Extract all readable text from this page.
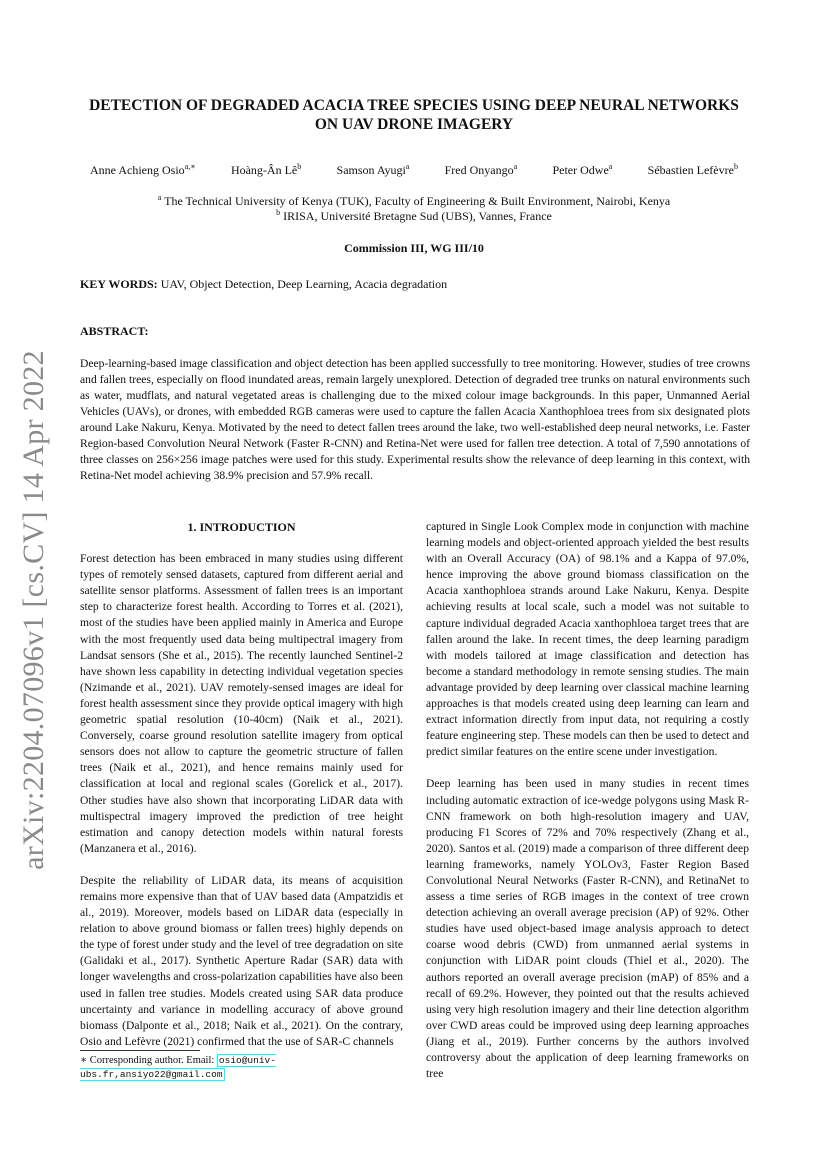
arXiv:2204.07096v1 [cs.CV] 14 Apr 2022
DETECTION OF DEGRADED ACACIA TREE SPECIES USING DEEP NEURAL NETWORKS ON UAV DRONE IMAGERY
Anne Achieng Osio$^{a,∗}$	Hoàng-Ân $Lê^b$	Samson Ayugi$^a$	Fred Onyango$^a$	Peter Odwe$^a$	Sébastien Lefèvre$^b$
$^a$ The Technical University of Kenya (TUK), Faculty of Engineering & Built Environment, Nairobi, Kenya
$^b$ IRISA, Université Bretagne Sud (UBS), Vannes, France
Commission III, WG III/10
KEY WORDS: UAV, Object Detection, Deep Learning, Acacia degradation
ABSTRACT:

Deep-learning-based image classification and object detection has been applied successfully to tree monitoring. However, studies of tree crowns and fallen trees, especially on flood inundated areas, remain largely unexplored. Detection of degraded tree trunks on natural environments such as water, mudflats, and natural vegetated areas is challenging due to the mixed colour image backgrounds. In this paper, Unmanned Aerial Vehicles (UAVs), or drones, with embedded RGB cameras were used to capture the fallen Acacia Xanthophloea trees from six designated plots around Lake Nakuru, Kenya. Motivated by the need to detect fallen trees around the lake, two well-established deep neural networks, i.e. Faster Region-based Convolution Neural Network (Faster R-CNN) and Retina-Net were used for fallen tree detection. A total of 7,590 annotations of three classes on 256×256 image patches were used for this study. Experimental results show the relevance of deep learning in this context, with Retina-Net model achieving 38.9% precision and 57.9% recall.

1. INTRODUCTION

Forest detection has been embraced in many studies using different types of remotely sensed datasets, captured from different aerial and satellite sensor platforms. Assessment of fallen trees is an important step to characterize forest health. According to Torres et al. (2021), most of the studies have been applied mainly in America and Europe with the most frequently used data being multipectral imagery from Landsat sensors (She et al., 2015). The recently launched Sentinel-2 have shown less capability in detecting individual vegetation species (Nzimande et al., 2021). UAV remotely-sensed images are ideal for forest health assessment since they provide optical imagery with high geometric spatial resolution (10-40cm) (Naik et al., 2021). Conversely, coarse ground resolution satellite imagery from optical sensors does not allow to capture the geometric structure of fallen trees (Naik et al., 2021), and hence remains mainly used for classification at local and regional scales (Gorelick et al., 2017). Other studies have also shown that incorporating LiDAR data with multispectral imagery improved the prediction of tree height estimation and canopy detection models within natural forests (Manzanera et al., 2016).

Despite the reliability of LiDAR data, its means of acquisition remains more expensive than that of UAV based data (Ampatzidis et al., 2019). Moreover, models based on LiDAR data (especially in relation to above ground biomass or fallen trees) highly depends on the type of forest under study and the level of tree degradation on site (Galidaki et al., 2017). Synthetic Aperture Radar (SAR) data with longer wavelengths and cross-polarization capabilities have also been used in fallen tree studies. Models created using SAR data produce uncertainty and variance in modelling accuracy of above ground biomass (Dalponte et al., 2018; Naik et al., 2021). On the contrary, Osio and Lefèvre (2021) confirmed that the use of SAR-C channels

captured in Single Look Complex mode in conjunction with machine learning models and object-oriented approach yielded the best results with an Overall Accuracy (OA) of 98.1% and a Kappa of 97.0%, hence improving the above ground biomass classification on the Acacia xanthophloea strands around Lake Nakuru, Kenya. Despite achieving results at local scale, such a model was not suitable to capture individual degraded Acacia xanthophloea target trees that are fallen around the lake. In recent times, the deep learning paradigm with models tailored at image classification and detection has become a standard methodology in remote sensing studies. The main advantage provided by deep learning over classical machine learning approaches is that models created using deep learning can learn and extract information directly from input data, not requiring a costly feature engineering step. These models can then be used to detect and predict similar features on the entire scene under investigation.

Deep learning has been used in many studies in recent times including automatic extraction of ice-wedge polygons using Mask R-CNN framework on both high-resolution imagery and UAV, producing F1 Scores of 72% and 70% respectively (Zhang et al., 2020). Santos et al. (2019) made a comparison of three different deep learning frameworks, namely YOLOv3, Faster Region Based Convolutional Neural Networks (Faster R-CNN), and RetinaNet to assess a time series of RGB images in the context of tree crown detection achieving an overall average precision (AP) of 92%. Other studies have used object-based image analysis approach to detect coarse wood debris (CWD) from unmanned aerial systems in conjunction with LiDAR point clouds (Thiel et al., 2020). The authors reported an overall average precision (mAP) of 85% and a recall of 69.2%. However, they pointed out that the results achieved using very high resolution imagery and their line detection algorithm over CWD areas could be improved using deep learning approaches (Jiang et al., 2019). Further concerns by the authors involved controversy about the application of deep learning frameworks on tree

∗ Corresponding author. Email: osio@univ-ubs.fr,ansiyo22@gmail.com
